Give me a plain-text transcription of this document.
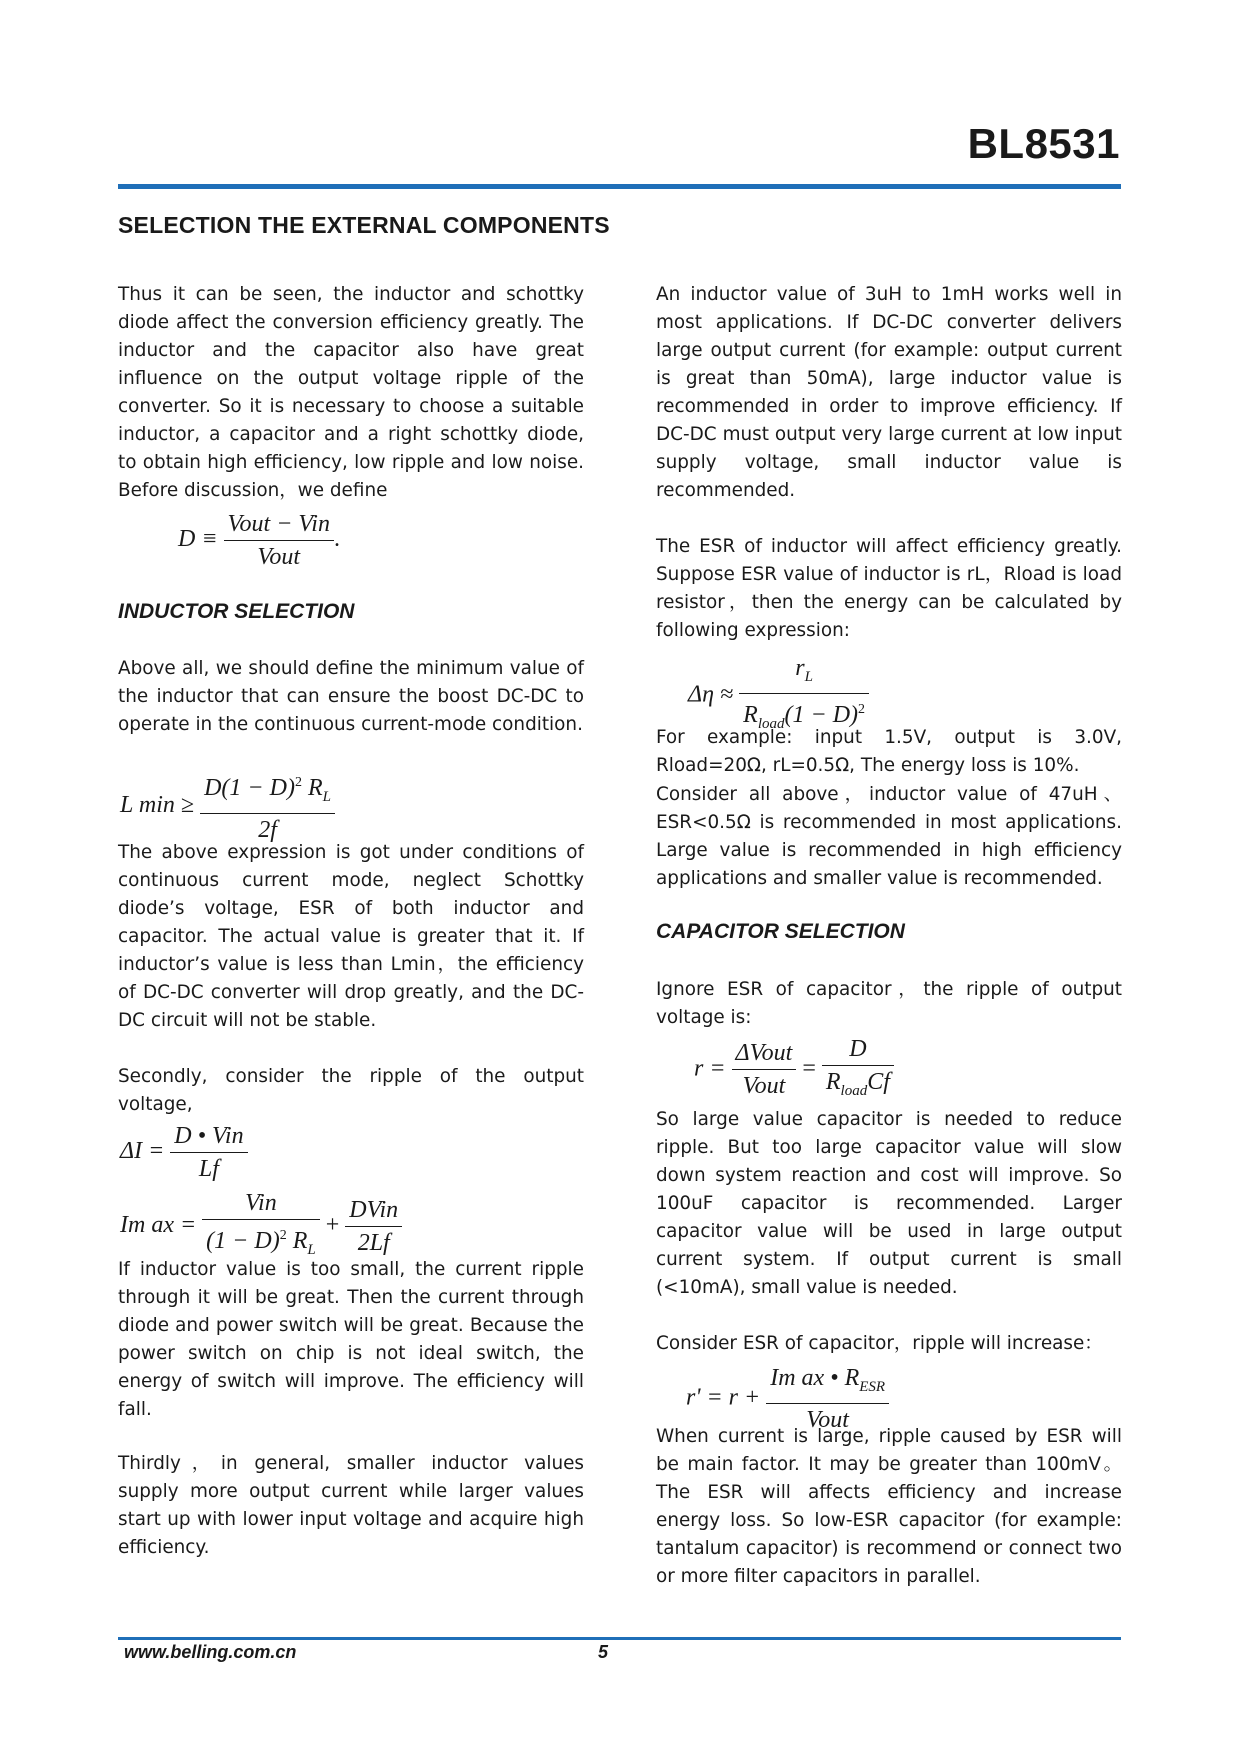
BL8531
SELECTION THE EXTERNAL COMPONENTS

Thus it can be seen, the inductor and schottky diode affect the conversion efficiency greatly. The inductor and the capacitor also have great influence on the output voltage ripple of the converter. So it is necessary to choose a suitable inductor, a capacitor and a right schottky diode, to obtain high efficiency, low ripple and low noise. Before discussion，we define

$D \equiv \frac{\text{Vout − Vin}}{\text{Vout}}$ .
INDUCTOR SELECTION

Above all, we should define the minimum value of the inductor that can ensure the boost DC-DC to operate in the continuous current-mode condition.

L $\min \ge \frac{D(1 - D)^2 R_L}{2f}$

The above expression is got under conditions of continuous current mode, neglect Schottky diode’s voltage, ESR of both inductor and capacitor. The actual value is greater that it. If inductor’s value is less than Lmin，the efficiency of DC-DC converter will drop greatly, and the DC-DC circuit will not be stable.

Secondly, consider the ripple of the output voltage,

$\Delta I = \frac{\text{D • Vin}}{Lf}$
Im ax = $\frac{\text{Vin}}{(1 - D)^2 R_L} + \frac{\text{DVin}}{2Lf}$

If inductor value is too small, the current ripple through it will be great. Then the current through diode and power switch will be great. Because the power switch on chip is not ideal switch, the energy of switch will improve. The efficiency will fall.

Thirdly，in general, smaller inductor values supply more output current while larger values start up with lower input voltage and acquire high efficiency.

An inductor value of 3uH to 1mH works well in most applications. If DC-DC converter delivers large output current (for example: output current is great than 50mA), large inductor value is recommended in order to improve efficiency. If DC-DC must output very large current at low input supply voltage, small inductor value is recommended.

The ESR of inductor will affect efficiency greatly. Suppose ESR value of inductor is rL，Rload is load resistor，then the energy can be calculated by following expression:

$\Delta\eta \approx \frac{r_L}{R_{load}(1 - D)^2}$

For example: input 1.5V, output is 3.0V, Rload=20Ω, rL=0.5Ω, The energy loss is 10%.

Consider all above，inductor value of 47uH、ESR<0.5Ω is recommended in most applications. Large value is recommended in high efficiency applications and smaller value is recommended.

CAPACITOR SELECTION

Ignore ESR of capacitor，the ripple of output voltage is:

$r = \frac{\text{ΔVout}}{\text{Vout}} = \frac{D}{R_{load}Cf}$

So large value capacitor is needed to reduce ripple. But too large capacitor value will slow down system reaction and cost will improve. So 100uF capacitor is recommended. Larger capacitor value will be used in large output current system. If output current is small (<10mA), small value is needed.

Consider ESR of capacitor，ripple will increase：

$r' = r + \frac{Im ax • R_{ESR}}{\text{Vout}}$

When current is large, ripple caused by ESR will be main factor. It may be greater than 100mV。 The ESR will affects efficiency and increase energy loss. So low-ESR capacitor (for example: tantalum capacitor) is recommend or connect two or more filter capacitors in parallel.

www.belling.com.cn	5
